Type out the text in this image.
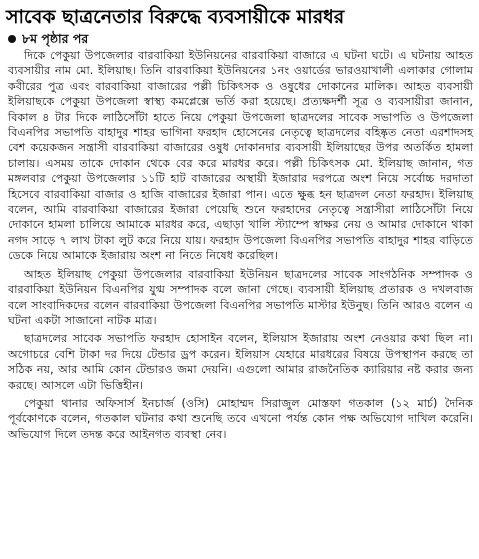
সাবেক ছাত্রনেতার বিরুদ্ধে ব্যবসায়ীকে মারধর
৮ম পৃষ্ঠার পর

দিকে পেকুয়া উপজেলার বারবাকিয়া ইউনিয়নের বারবাকিয়া বাজারে এ ঘটনা ঘটে। এ ঘটনায় আহত ব্যবসায়ীর নাম মো. ইলিয়াছ। তিনি বারবাকিয়া ইউনিয়নের ১নং ওয়ার্ডের ভারওয়াখালী এলাকার গোলাম কবীরের পুত্র এবং বারবাকিয়া বাজারের পল্লী চিকিৎসক ও ওষুধের দোকানের মালিক। আহত ব্যবসায়ী ইলিয়াছকে পেকুয়া উপজেলা স্বাস্থ্য কমপ্লেক্সে ভর্তি করা হয়েছে। প্রত্যক্ষদর্শী সূত্র ও ব্যবসায়ীরা জানান, বিকাল ৪ টার দিকে লাঠিসোঁটা হাতে নিয়ে পেকুয়া উপজেলা ছাত্রদলের সাবেক সভাপতি ও উপজেলা বিএনপির সভাপতি বাহাদুর শাহর ভাগিনা ফরহাদ হোসেনের নেতৃত্বে ছাত্রদলের বহিষ্কৃত নেতা এরশাদসহ বেশ কয়েকজন সন্ত্রাসী বারবাকিয়া বাজারের ওষুধ দোকানদার ব্যবসায়ী ইলিয়াছের উপর অতর্কিত হামলা চালায়। এসময় তাকে দোকান থেকে বের করে মারধর করে। পল্লী চিকিৎসক মো. ইলিয়াছ জানান, গত মঙ্গলবার পেকুয়া উপজেলার ১১টি হাট বাজারের অস্থায়ী ইজারার দরপত্রে অংশ নিয়ে সর্বোচ্চ দরদাতা হিসেবে বারবাকিয়া বাজার ও হাজি বাজারের ইজারা পান। এতে ক্ষুব্ধ হন ছাত্রদল নেতা ফরহাদ। ইলিয়াছ বলেন, আমি বারবাকিয়া বাজারের ইজারা পেয়েছি শুনে ফরহাদের নেতৃত্বে সন্ত্রাসীরা লাঠিসোঁটা নিয়ে দোকানে হামলা চালিয়ে আমাকে মারধর করে, এছাড়া খালি স্ট্যাম্পে স্বাক্ষর নেয় ও আমার দোকানে থাকা নগদ সাড়ে ৭ লাখ টাকা লুট করে নিয়ে যায়। ফরহাদ উপজেলা বিএনপির সভাপতি বাহাদুর শাহর বাড়িতে ডেকে নিয়ে আমাকে ইজারায় অংশ না নিতে নিষেধ করেছিল।

আহত ইলিয়াছ পেকুয়া উপজেলার বারবাকিয়া ইউনিয়ন ছাত্রদলের সাবেক সাংগঠনিক সম্পাদক ও বারবাকিয়া ইউনিয়ন বিএনপির যুগ্ম সম্পাদক বলে জানা গেছে। ব্যবসায়ী ইলিয়াছ প্রতারক ও দখলবাজ বলে সাংবাদিকদের বলেন বারবাকিয়া উপজেলা বিএনপির সভাপতি মাস্টার ইউনুছ। তিনি আরও বলেন এ ঘটনা একটা সাজানো নাটক মাত্র।

ছাত্রদলের সাবেক সভাপতি ফরহাদ হোসাইন বলেন, ইলিয়াস ইজারায় অংশ নেওয়ার কথা ছিল না। অগোচরে বেশি টাকা দর দিয়ে টেন্ডার ড্রপ করেন। ইলিয়াস যেহারে মারধরের বিষয়ে উপস্থাপন করছে তা সঠিক নয়, আর আমি কোন টেন্ডারও জমা দেয়নি। এগুলো আমার রাজনৈতিক ক্যারিয়ার নষ্ট করার জন্য করছে। আসলে এটা ভিত্তিহীন।

পেকুয়া থানার অফিসার্স ইনচার্জ (ওসি) মোহাম্মদ সিরাজুল মোস্তফা গতকাল (১২ মার্চ) দৈনিক পূর্বকোণকে বলেন, গতকাল ঘটনার কথা শুনেছি তবে এখনো পর্যন্ত কোন পক্ষ অভিযোগ দাখিল করেনি। অভিযোগ দিলে তদন্ত করে আইনগত ব্যবস্থা নেব।
